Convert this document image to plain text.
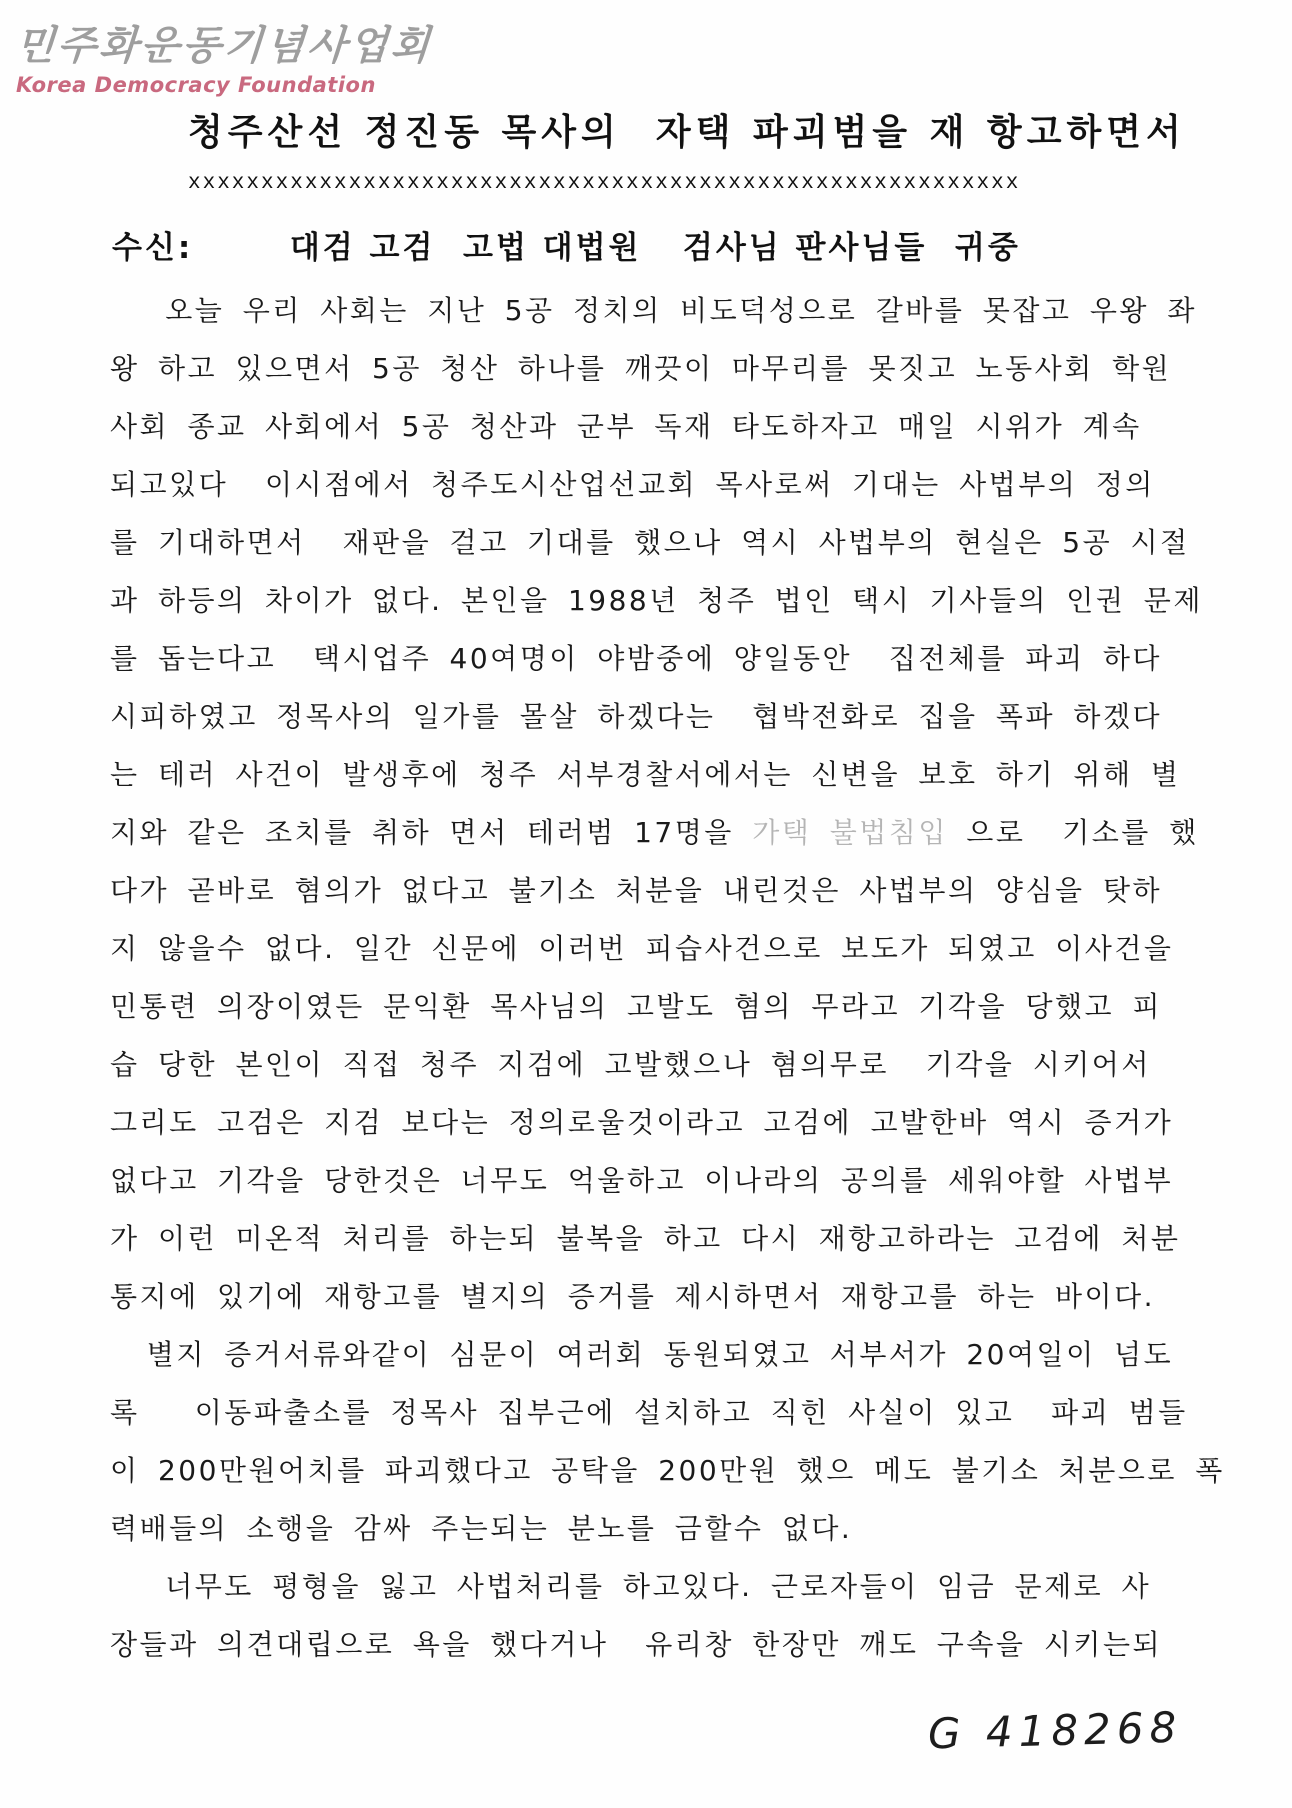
민주화운동기념사업회
Korea Democracy Foundation
청주산선 정진동 목사의  자택 파괴범을 재 항고하면서
xxxxxxxxxxxxxxxxxxxxxxxxxxxxxxxxxxxxxxxxxxxxxxxxxxxxxxxxx
수신:       대검 고검  고법 대법원   검사님 판사님들  귀중
오늘 우리 사회는 지난 5공 정치의 비도덕성으로 갈바를 못잡고 우왕 좌
왕 하고 있으면서 5공 청산 하나를 깨끗이 마무리를 못짓고 노동사회 학원
사회 종교 사회에서 5공 청산과 군부 독재 타도하자고 매일 시위가 계속
되고있다  이시점에서 청주도시산업선교회 목사로써 기대는 사법부의 정의
를 기대하면서  재판을 걸고 기대를 했으나 역시 사법부의 현실은 5공 시절
과 하등의 차이가 없다. 본인을 1988년 청주 법인 택시 기사들의 인권 문제
를 돕는다고  택시업주 40여명이 야밤중에 양일동안  집전체를 파괴 하다
시피하였고 정목사의 일가를 몰살 하겠다는  협박전화로 집을 폭파 하겠다
는 테러 사건이 발생후에 청주 서부경찰서에서는 신변을 보호 하기 위해 별
지와 같은 조치를 취하 면서 테러범 17명을 가택 불법침입 으로  기소를 했
다가 곧바로 혐의가 없다고 불기소 처분을 내린것은 사법부의 양심을 탓하
지 않을수 없다. 일간 신문에 이러번 피습사건으로 보도가 되였고 이사건을
민통련 의장이였든 문익환 목사님의 고발도 혐의 무라고 기각을 당했고 피
습 당한 본인이 직접 청주 지검에 고발했으나 혐의무로  기각을 시키어서
그리도 고검은 지검 보다는 정의로울것이라고 고검에 고발한바 역시 증거가
없다고 기각을 당한것은 너무도 억울하고 이나라의 공의를 세워야할 사법부
가 이런 미온적 처리를 하는되 불복을 하고 다시 재항고하라는 고검에 처분
통지에 있기에 재항고를 별지의 증거를 제시하면서 재항고를 하는 바이다.
별지 증거서류와같이 심문이 여러회 동원되였고 서부서가 20여일이 넘도
록   이동파출소를 정목사 집부근에 설치하고 직힌 사실이 있고  파괴 범들
이 200만원어치를 파괴했다고 공탁을 200만원 했으 메도 불기소 처분으로 폭
력배들의 소행을 감싸 주는되는 분노를 금할수 없다.
너무도 평형을 잃고 사법처리를 하고있다. 근로자들이 임금 문제로 사
장들과 의견대립으로 욕을 했다거나  유리창 한장만 깨도 구속을 시키는되
G 418268
